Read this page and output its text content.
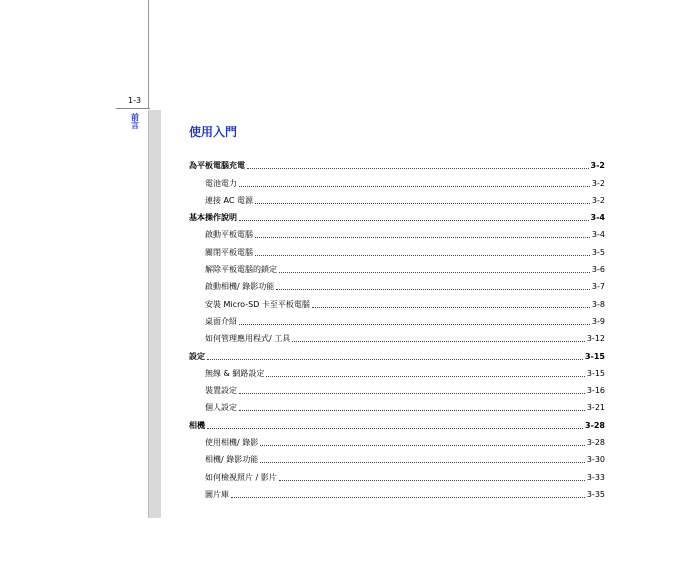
1-3
前言	使用入門
為平板電腦充電	3-2
電池電力	3-2
連接 AC 電源	3-2
基本操作說明	3-4
啟動平板電腦	3-4
關閉平板電腦	3-5
解除平板電腦的鎖定	3-6
啟動相機/ 錄影功能	3-7
安裝 Micro-SD 卡至平板電腦	3-8
桌面介紹	3-9
如何管理應用程式/ 工具	3-12
設定	3-15
無線 & 網路設定	3-15
裝置設定	3-16
個人設定	3-21
相機	3-28
使用相機/ 錄影	3-28
相機/ 錄影功能	3-30
如何檢視照片 / 影片	3-33
圖片庫	3-35
